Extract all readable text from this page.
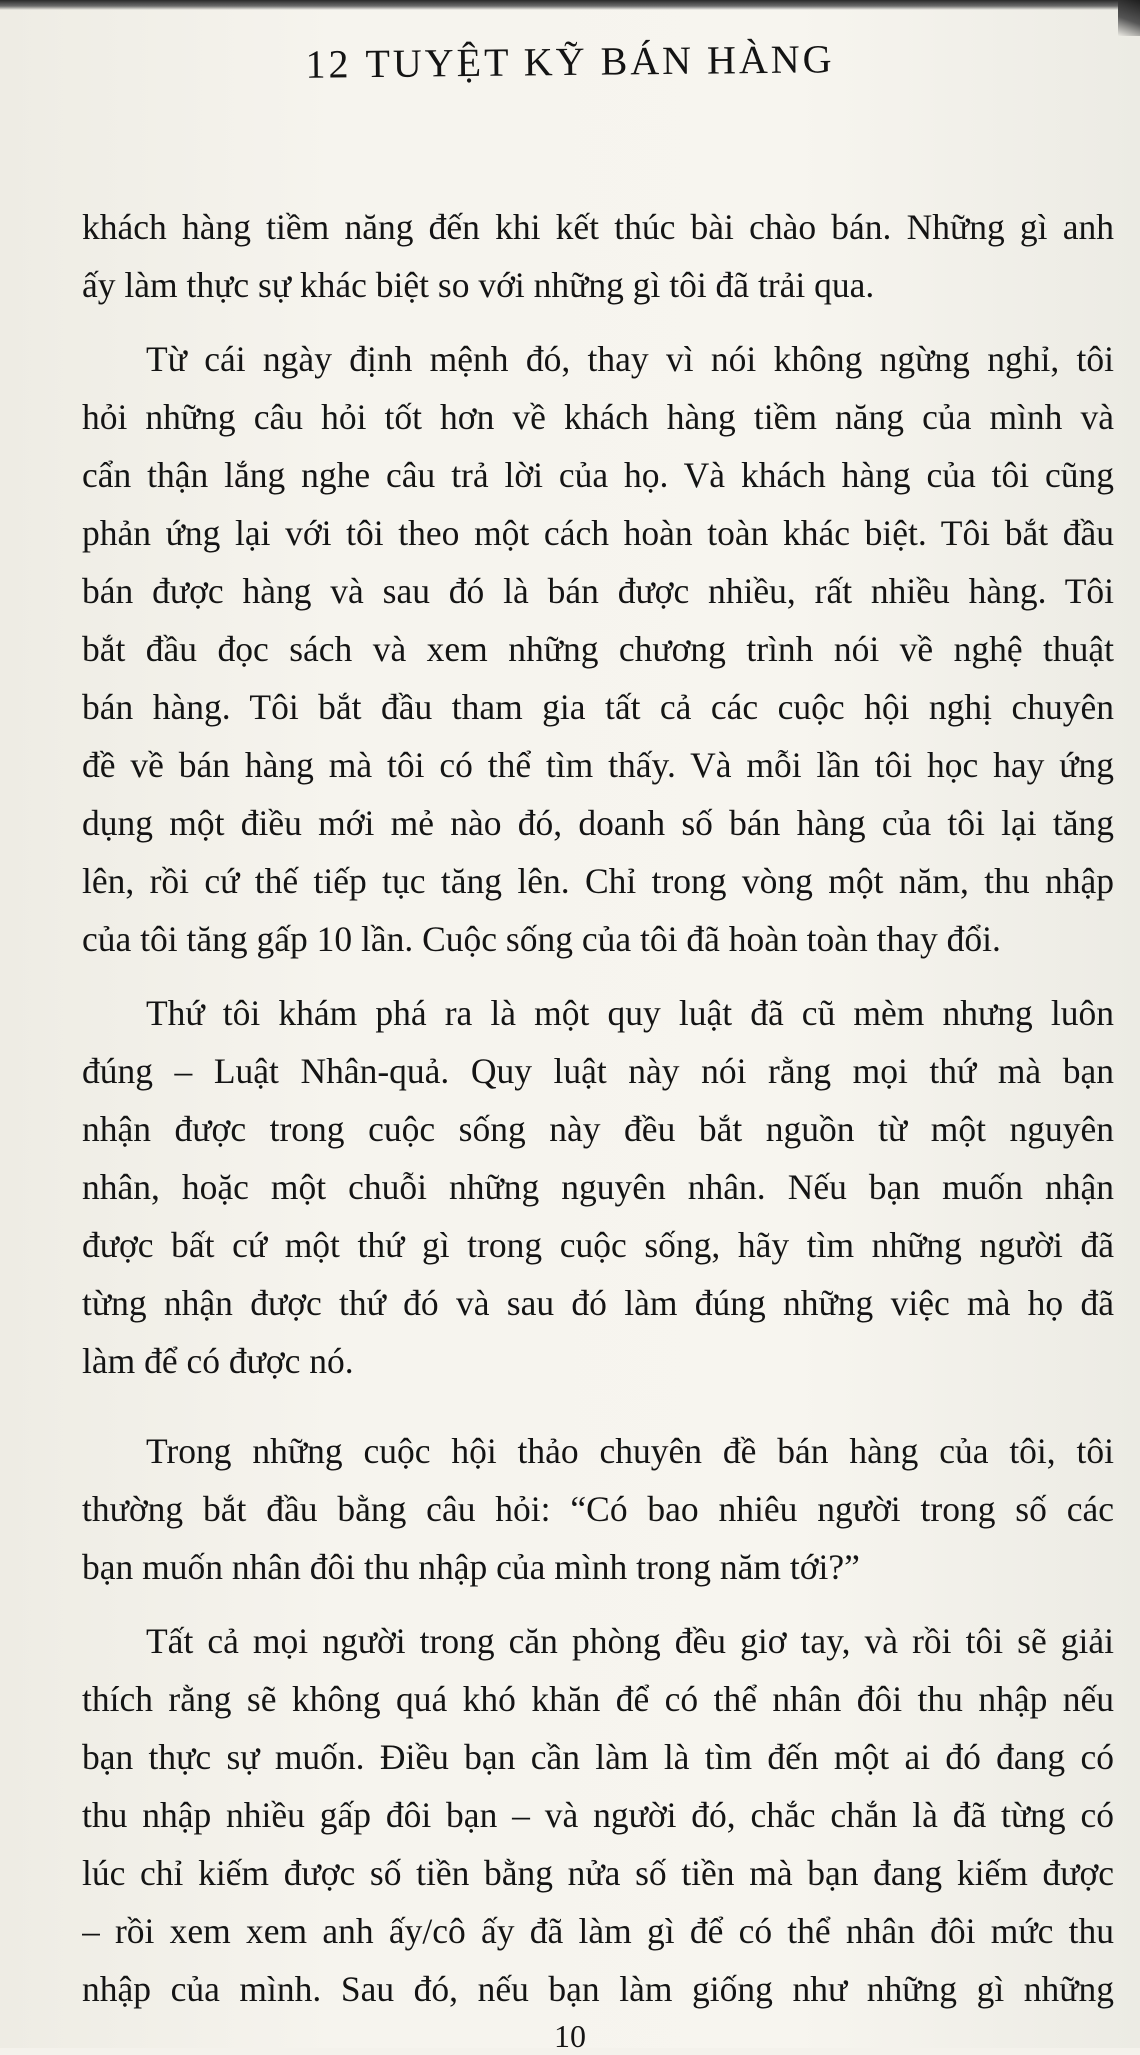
12 TUYỆT KỸ BÁN HÀNG
khách hàng tiềm năng đến khi kết thúc bài chào bán. Những gì anh
ấy làm thực sự khác biệt so với những gì tôi đã trải qua.
Từ cái ngày định mệnh đó, thay vì nói không ngừng nghỉ, tôi
hỏi những câu hỏi tốt hơn về khách hàng tiềm năng của mình và
cẩn thận lắng nghe câu trả lời của họ. Và khách hàng của tôi cũng
phản ứng lại với tôi theo một cách hoàn toàn khác biệt. Tôi bắt đầu
bán được hàng và sau đó là bán được nhiều, rất nhiều hàng. Tôi
bắt đầu đọc sách và xem những chương trình nói về nghệ thuật
bán hàng. Tôi bắt đầu tham gia tất cả các cuộc hội nghị chuyên
đề về bán hàng mà tôi có thể tìm thấy. Và mỗi lần tôi học hay ứng
dụng một điều mới mẻ nào đó, doanh số bán hàng của tôi lại tăng
lên, rồi cứ thế tiếp tục tăng lên. Chỉ trong vòng một năm, thu nhập
của tôi tăng gấp 10 lần. Cuộc sống của tôi đã hoàn toàn thay đổi.
Thứ tôi khám phá ra là một quy luật đã cũ mèm nhưng luôn
đúng – Luật Nhân-quả. Quy luật này nói rằng mọi thứ mà bạn
nhận được trong cuộc sống này đều bắt nguồn từ một nguyên
nhân, hoặc một chuỗi những nguyên nhân. Nếu bạn muốn nhận
được bất cứ một thứ gì trong cuộc sống, hãy tìm những người đã
từng nhận được thứ đó và sau đó làm đúng những việc mà họ đã
làm để có được nó.
Trong những cuộc hội thảo chuyên đề bán hàng của tôi, tôi
thường bắt đầu bằng câu hỏi: “Có bao nhiêu người trong số các
bạn muốn nhân đôi thu nhập của mình trong năm tới?”
Tất cả mọi người trong căn phòng đều giơ tay, và rồi tôi sẽ giải
thích rằng sẽ không quá khó khăn để có thể nhân đôi thu nhập nếu
bạn thực sự muốn. Điều bạn cần làm là tìm đến một ai đó đang có
thu nhập nhiều gấp đôi bạn – và người đó, chắc chắn là đã từng có
lúc chỉ kiếm được số tiền bằng nửa số tiền mà bạn đang kiếm được
– rồi xem xem anh ấy/cô ấy đã làm gì để có thể nhân đôi mức thu
nhập của mình. Sau đó, nếu bạn làm giống như những gì những
10
